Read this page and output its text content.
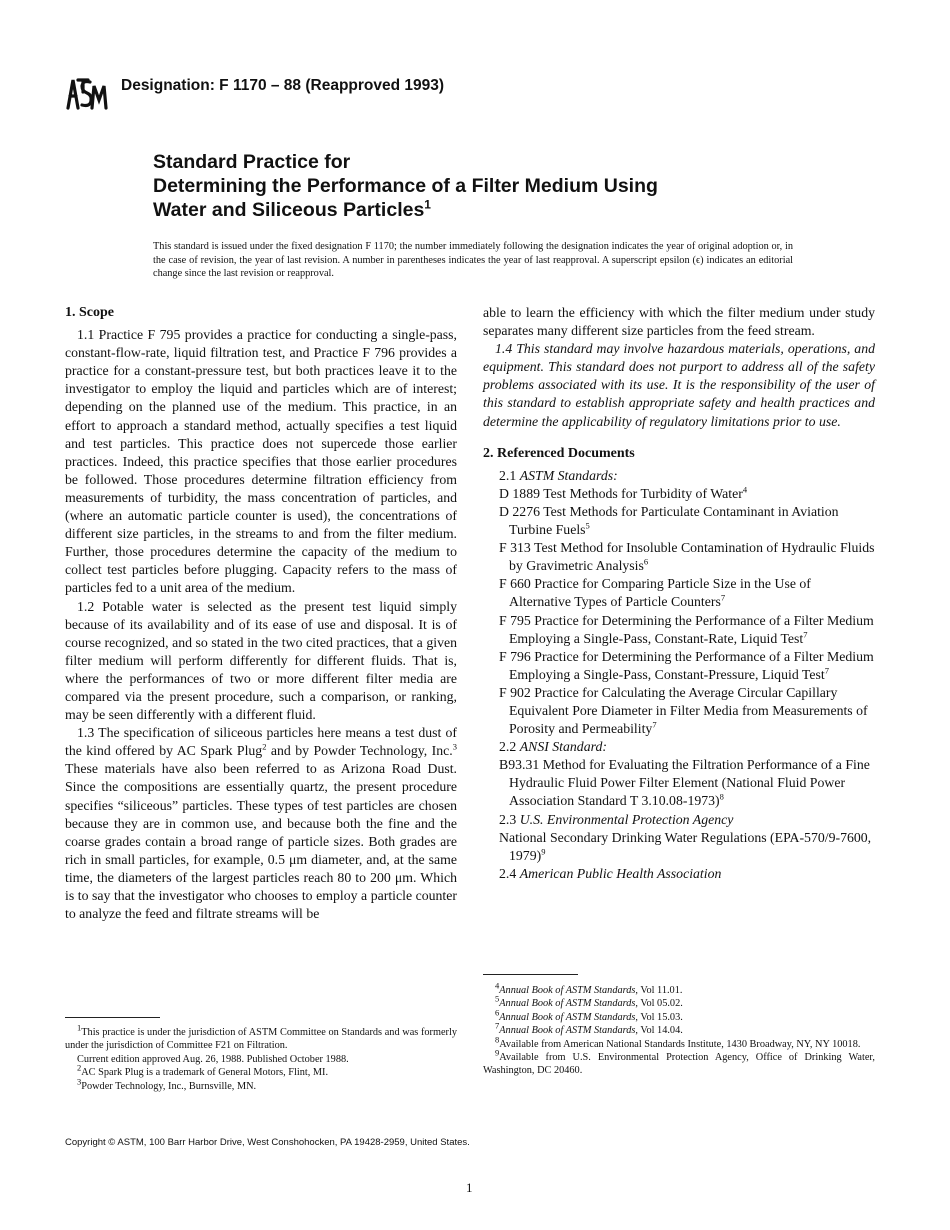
Designation: F 1170 – 88 (Reapproved 1993)
Standard Practice for
Determining the Performance of a Filter Medium Using
Water and Siliceous Particles$^1$
This standard is issued under the fixed designation F 1170; the number immediately following the designation indicates the year of original adoption or, in the case of revision, the year of last revision. A number in parentheses indicates the year of last reapproval. A superscript epsilon (ϵ) indicates an editorial change since the last revision or reapproval.
1. Scope

1.1 Practice F 795 provides a practice for conducting a single-pass, constant-flow-rate, liquid filtration test, and Practice F 796 provides a practice for a constant-pressure test, but both practices leave it to the investigator to employ the liquid and particles which are of interest; depending on the planned use of the medium. This practice, in an effort to approach a standard method, actually specifies a test liquid and test particles. This practice does not supercede those earlier practices. Indeed, this practice specifies that those earlier procedures be followed. Those procedures determine filtration efficiency from measurements of turbidity, the mass concentration of particles, and (where an automatic particle counter is used), the concentrations of different size particles, in the streams to and from the filter medium. Further, those procedures determine the capacity of the medium to collect test particles before plugging. Capacity refers to the mass of particles fed to a unit area of the medium.

1.2 Potable water is selected as the present test liquid simply because of its availability and of its ease of use and disposal. It is of course recognized, and so stated in the two cited practices, that a given filter medium will perform differently for different fluids. That is, where the performances of two or more different filter media are compared via the present procedure, such a comparison, or ranking, may be seen differently with a different fluid.

1.3 The specification of siliceous particles here means a test dust of the kind offered by AC Spark Plug$^2$ and by Powder Technology, Inc.$^3$ These materials have also been referred to as Arizona Road Dust. Since the compositions are essentially quartz, the present procedure specifies “siliceous” particles. These types of test particles are chosen because they are in common use, and because both the fine and the coarse grades contain a broad range of particle sizes. Both grades are rich in small particles, for example, 0.5 μm diameter, and, at the same time, the diameters of the largest particles reach 80 to 200 μm. Which is to say that the investigator who chooses to employ a particle counter to analyze the feed and filtrate streams will be

able to learn the efficiency with which the filter medium under study separates many different size particles from the feed stream.

1.4 This standard may involve hazardous materials, operations, and equipment. This standard does not purport to address all of the safety problems associated with its use. It is the responsibility of the user of this standard to establish appropriate safety and health practices and determine the applicability of regulatory limitations prior to use.

2. Referenced Documents

2.1 ASTM Standards:

D 1889 Test Methods for Turbidity of Water$^4$

D 2276 Test Methods for Particulate Contaminant in Aviation Turbine Fuels$^5$

F 313 Test Method for Insoluble Contamination of Hydraulic Fluids by Gravimetric Analysis$^6$

F 660 Practice for Comparing Particle Size in the Use of Alternative Types of Particle Counters$^7$

F 795 Practice for Determining the Performance of a Filter Medium Employing a Single-Pass, Constant-Rate, Liquid Test$^7$

F 796 Practice for Determining the Performance of a Filter Medium Employing a Single-Pass, Constant-Pressure, Liquid Test$^7$

F 902 Practice for Calculating the Average Circular Capillary Equivalent Pore Diameter in Filter Media from Measurements of Porosity and Permeability$^7$

2.2 ANSI Standard:

B93.31 Method for Evaluating the Filtration Performance of a Fine Hydraulic Fluid Power Filter Element (National Fluid Power Association Standard T 3.10.08-1973)$^8$

2.3 U.S. Environmental Protection Agency

National Secondary Drinking Water Regulations (EPA-570/9-7600, 1979)$^9$

2.4 American Public Health Association

$^1$This practice is under the jurisdiction of ASTM Committee on Standards and was formerly under the jurisdiction of Committee F21 on Filtration.

Current edition approved Aug. 26, 1988. Published October 1988.

$^2$AC Spark Plug is a trademark of General Motors, Flint, MI.

$^3$Powder Technology, Inc., Burnsville, MN.

$^4$Annual Book of ASTM Standards, Vol 11.01.

$^5$Annual Book of ASTM Standards, Vol 05.02.

$^6$Annual Book of ASTM Standards, Vol 15.03.

$^7$Annual Book of ASTM Standards, Vol 14.04.

$^8$Available from American National Standards Institute, 1430 Broadway, NY, NY 10018.

$^9$Available from U.S. Environmental Protection Agency, Office of Drinking Water, Washington, DC 20460.

Copyright © ASTM, 100 Barr Harbor Drive, West Conshohocken, PA 19428-2959, United States.
1
